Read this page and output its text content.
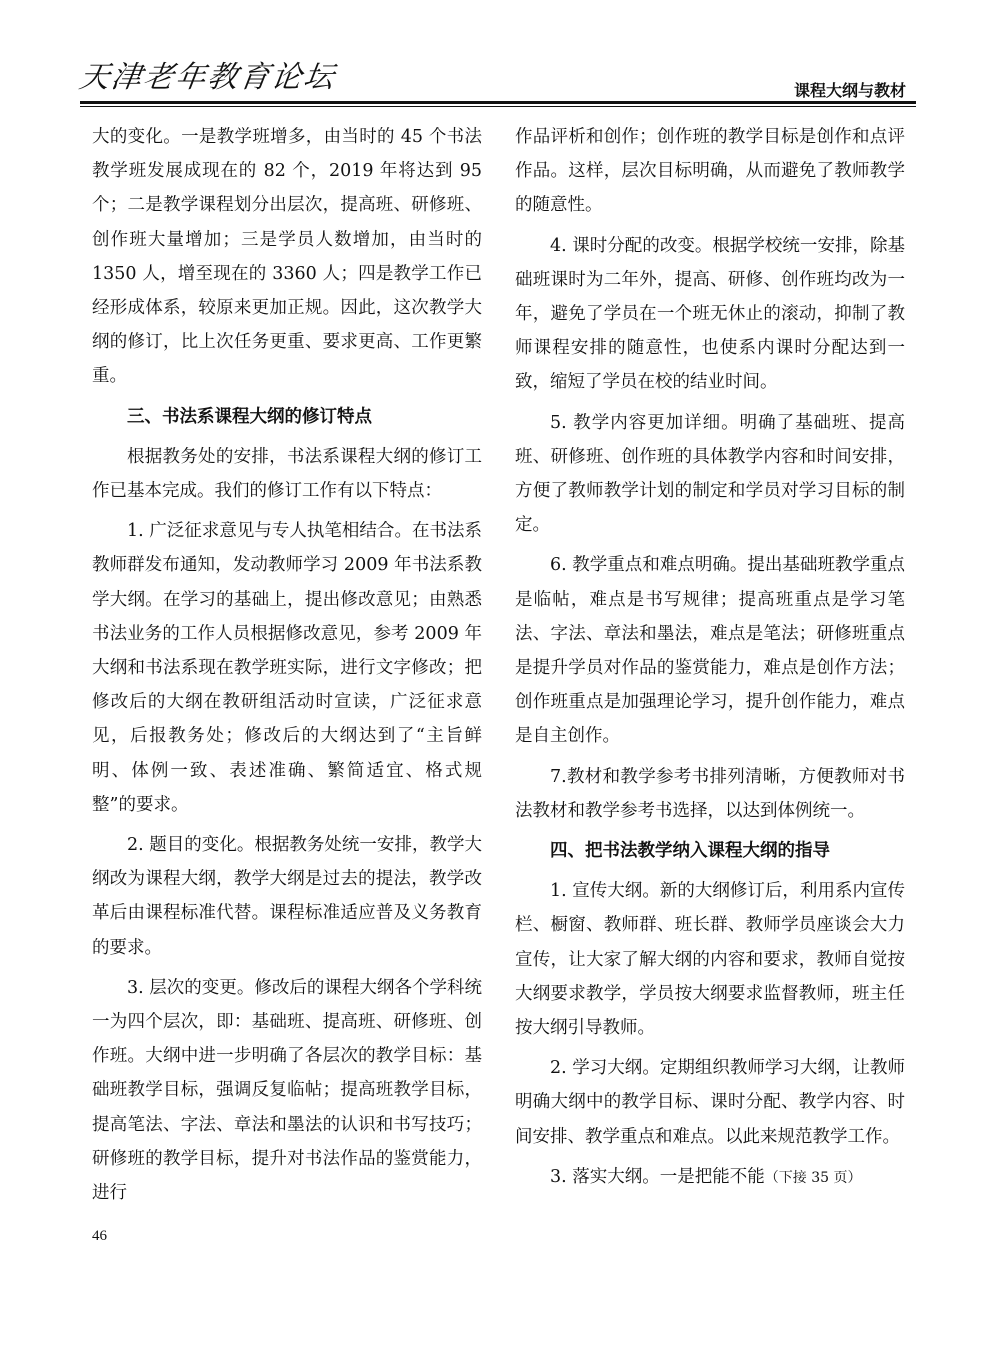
天津老年教育论坛	课程大纲与教材

大的变化。一是教学班增多，由当时的 45 个书法教学班发展成现在的 82 个，2019 年将达到 95 个；二是教学课程划分出层次，提高班、研修班、创作班大量增加；三是学员人数增加，由当时的 1350 人，增至现在的 3360 人；四是教学工作已经形成体系，较原来更加正规。因此，这次教学大纲的修订，比上次任务更重、要求更高、工作更繁重。

三、书法系课程大纲的修订特点

根据教务处的安排，书法系课程大纲的修订工作已基本完成。我们的修订工作有以下特点：

1. 广泛征求意见与专人执笔相结合。在书法系教师群发布通知，发动教师学习 2009 年书法系教学大纲。在学习的基础上，提出修改意见；由熟悉书法业务的工作人员根据修改意见，参考 2009 年大纲和书法系现在教学班实际，进行文字修改；把修改后的大纲在教研组活动时宣读，广泛征求意见，后报教务处；修改后的大纲达到了“主旨鲜明、体例一致、表述准确、繁简适宜、格式规整”的要求。

2. 题目的变化。根据教务处统一安排，教学大纲改为课程大纲，教学大纲是过去的提法，教学改革后由课程标准代替。课程标准适应普及义务教育的要求。

3. 层次的变更。修改后的课程大纲各个学科统一为四个层次，即：基础班、提高班、研修班、创作班。大纲中进一步明确了各层次的教学目标：基础班教学目标，强调反复临帖；提高班教学目标，提高笔法、字法、章法和墨法的认识和书写技巧；研修班的教学目标，提升对书法作品的鉴赏能力，进行

作品评析和创作；创作班的教学目标是创作和点评作品。这样，层次目标明确，从而避免了教师教学的随意性。

4. 课时分配的改变。根据学校统一安排，除基础班课时为二年外，提高、研修、创作班均改为一年，避免了学员在一个班无休止的滚动，抑制了教师课程安排的随意性，也使系内课时分配达到一致，缩短了学员在校的结业时间。

5. 教学内容更加详细。明确了基础班、提高班、研修班、创作班的具体教学内容和时间安排，方便了教师教学计划的制定和学员对学习目标的制定。

6. 教学重点和难点明确。提出基础班教学重点是临帖，难点是书写规律；提高班重点是学习笔法、字法、章法和墨法，难点是笔法；研修班重点是提升学员对作品的鉴赏能力，难点是创作方法；创作班重点是加强理论学习，提升创作能力，难点是自主创作。

7.教材和教学参考书排列清晰，方便教师对书法教材和教学参考书选择，以达到体例统一。

四、把书法教学纳入课程大纲的指导

1. 宣传大纲。新的大纲修订后，利用系内宣传栏、橱窗、教师群、班长群、教师学员座谈会大力宣传，让大家了解大纲的内容和要求，教师自觉按大纲要求教学，学员按大纲要求监督教师，班主任按大纲引导教师。

2. 学习大纲。定期组织教师学习大纲，让教师明确大纲中的教学目标、课时分配、教学内容、时间安排、教学重点和难点。以此来规范教学工作。

3. 落实大纲。一是把能不能（下接 35 页）

46
